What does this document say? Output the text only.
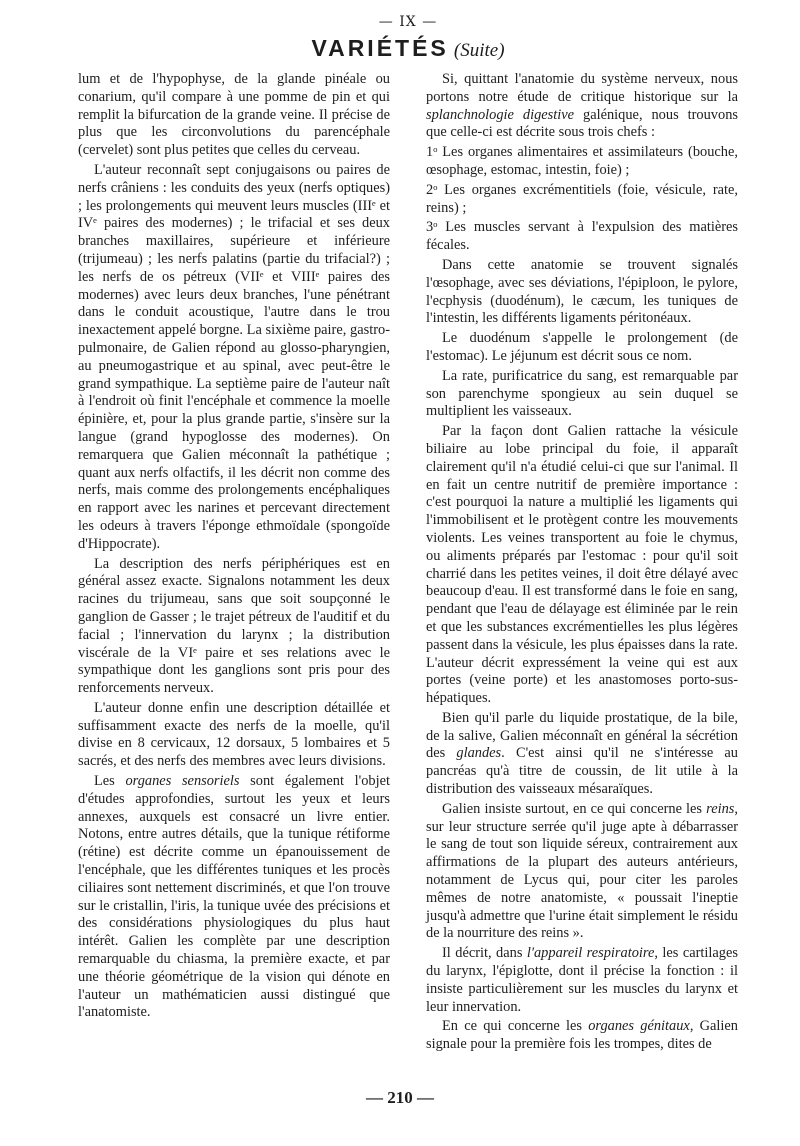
— IX —
VARIÉTÉS (Suite)

lum et de l'hypophyse, de la glande pinéale ou conarium, qu'il compare à une pomme de pin et qui remplit la bifurcation de la grande veine. Il précise de plus que les circonvolutions du parencéphale (cervelet) sont plus petites que celles du cerveau.

L'auteur reconnaît sept conjugaisons ou paires de nerfs crâniens : les conduits des yeux (nerfs optiques) ; les prolongements qui meuvent leurs muscles (IIIᵉ et IVᵉ paires des modernes) ; le trifacial et ses deux branches maxillaires, supérieure et inférieure (trijumeau) ; les nerfs palatins (partie du trifacial?) ; les nerfs de os pétreux (VIIᵉ et VIIIᵉ paires des modernes) avec leurs deux branches, l'une pénétrant dans le conduit acoustique, l'autre dans le trou inexactement appelé borgne. La sixième paire, gastro-pulmonaire, de Galien répond au glosso-pharyngien, au pneumogastrique et au spinal, avec peut-être le grand sympathique. La septième paire de l'auteur naît à l'endroit où finit l'encéphale et commence la moelle épinière, et, pour la plus grande partie, s'insère sur la langue (grand hypoglosse des modernes). On remarquera que Galien méconnaît la pathétique ; quant aux nerfs olfactifs, il les décrit non comme des nerfs, mais comme des prolongements encéphaliques en rapport avec les narines et percevant directement les odeurs à travers l'éponge ethmoïdale (spongoïde d'Hippocrate).

La description des nerfs périphériques est en général assez exacte. Signalons notamment les deux racines du trijumeau, sans que soit soupçonné le ganglion de Gasser ; le trajet pétreux de l'auditif et du facial ; l'innervation du larynx ; la distribution viscérale de la VIᵉ paire et ses relations avec le sympathique dont les ganglions sont pris pour des renforcements nerveux.

L'auteur donne enfin une description détaillée et suffisamment exacte des nerfs de la moelle, qu'il divise en 8 cervicaux, 12 dorsaux, 5 lombaires et 5 sacrés, et des nerfs des membres avec leurs divisions.

Les organes sensoriels sont également l'objet d'études approfondies, surtout les yeux et leurs annexes, auxquels est consacré un livre entier. Notons, entre autres détails, que la tunique rétiforme (rétine) est décrite comme un épanouissement de l'encéphale, que les différentes tuniques et les procès ciliaires sont nettement discriminés, et que l'on trouve sur le cristallin, l'iris, la tunique uvée des précisions et des considérations physiologiques du plus haut intérêt. Galien les complète par une description remarquable du chiasma, la première exacte, et par une théorie géométrique de la vision qui dénote en l'auteur un mathématicien aussi distingué que l'anatomiste.

Si, quittant l'anatomie du système nerveux, nous portons notre étude de critique historique sur la splanchnologie digestive galénique, nous trouvons que celle-ci est décrite sous trois chefs :

1ᵒ Les organes alimentaires et assimilateurs (bouche, œsophage, estomac, intestin, foie) ;

2ᵒ Les organes excrémentitiels (foie, vésicule, rate, reins) ;

3ᵒ Les muscles servant à l'expulsion des matières fécales.

Dans cette anatomie se trouvent signalés l'œsophage, avec ses déviations, l'épiploon, le pylore, l'ecphysis (duodénum), le cæcum, les tuniques de l'intestin, les différents ligaments péritonéaux.

Le duodénum s'appelle le prolongement (de l'estomac). Le jéjunum est décrit sous ce nom.

La rate, purificatrice du sang, est remarquable par son parenchyme spongieux au sein duquel se multiplient les vaisseaux.

Par la façon dont Galien rattache la vésicule biliaire au lobe principal du foie, il apparaît clairement qu'il n'a étudié celui-ci que sur l'animal. Il en fait un centre nutritif de première importance : c'est pourquoi la nature a multiplié les ligaments qui l'immobilisent et le protègent contre les mouvements violents. Les veines transportent au foie le chymus, ou aliments préparés par l'estomac : pour qu'il soit charrié dans les petites veines, il doit être délayé avec beaucoup d'eau. Il est transformé dans le foie en sang, pendant que l'eau de délayage est éliminée par le rein et que les substances excrémentielles les plus légères passent dans la vésicule, les plus épaisses dans la rate. L'auteur décrit expressément la veine qui est aux portes (veine porte) et les anastomoses porto-sus-hépatiques.

Bien qu'il parle du liquide prostatique, de la bile, de la salive, Galien méconnaît en général la sécrétion des glandes. C'est ainsi qu'il ne s'intéresse au pancréas qu'à titre de coussin, de lit utile à la distribution des vaisseaux mésaraïques.

Galien insiste surtout, en ce qui concerne les reins, sur leur structure serrée qu'il juge apte à débarrasser le sang de tout son liquide séreux, contrairement aux affirmations de la plupart des auteurs antérieurs, notamment de Lycus qui, pour citer les paroles mêmes de notre anatomiste, « poussait l'ineptie jusqu'à admettre que l'urine était simplement le résidu de la nourriture des reins ».

Il décrit, dans l'appareil respiratoire, les cartilages du larynx, l'épiglotte, dont il précise la fonction : il insiste particulièrement sur les muscles du larynx et leur innervation.

En ce qui concerne les organes génitaux, Galien signale pour la première fois les trompes, dites de

— 210 —
